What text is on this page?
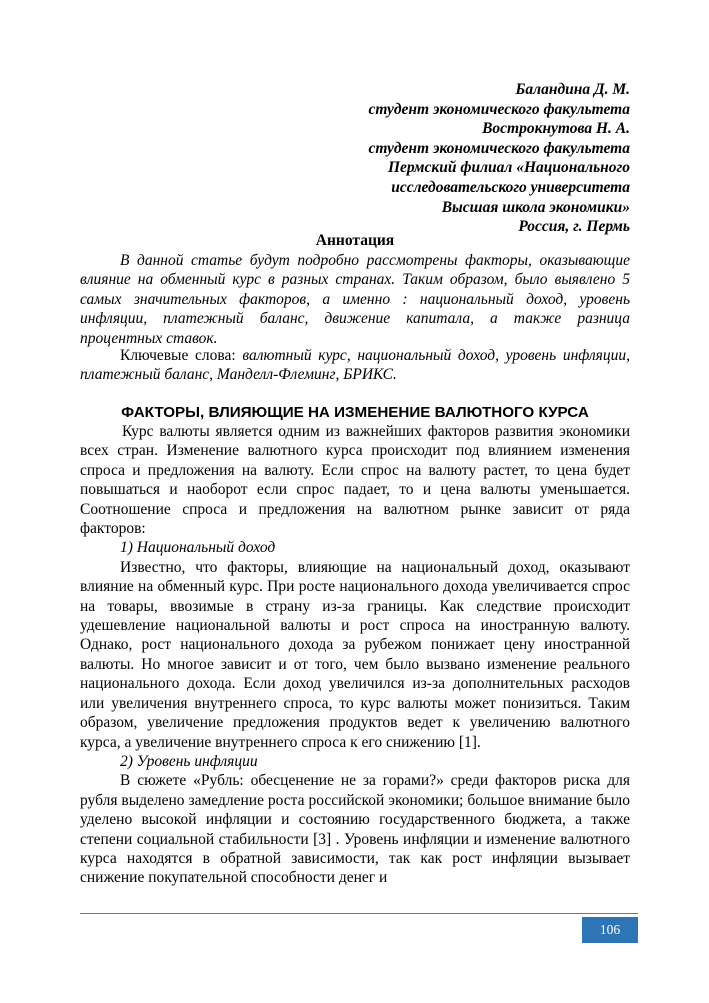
Баландина Д. М.
студент экономического факультета
Вострокнутова Н. А.
студент экономического факультета
Пермский филиал «Национального
исследовательского университета
Высшая школа экономики»
Россия, г. Пермь
Аннотация

В данной статье будут подробно рассмотрены факторы, оказывающие влияние на обменный курс в разных странах. Таким образом, было выявлено 5 самых значительных факторов, а именно : национальный доход, уровень инфляции, платежный баланс, движение капитала, а также разница процентных ставок.

Ключевые слова: валютный курс, национальный доход, уровень инфляции, платежный баланс, Манделл-Флеминг, БРИКС.

ФАКТОРЫ, ВЛИЯЮЩИЕ НА ИЗМЕНЕНИЕ ВАЛЮТНОГО КУРСА

Курс валюты является одним из важнейших факторов развития экономики всех стран. Изменение валютного курса происходит под влиянием изменения спроса и предложения на валюту. Если спрос на валюту растет, то цена будет повышаться и наоборот если спрос падает, то и цена валюты уменьшается. Соотношение спроса и предложения на валютном рынке зависит от ряда факторов:

1) Национальный доход

Известно, что факторы, влияющие на национальный доход, оказывают влияние на обменный курс. При росте национального дохода увеличивается спрос на товары, ввозимые в страну из-за границы. Как следствие происходит удешевление национальной валюты и рост спроса на иностранную валюту. Однако, рост национального дохода за рубежом понижает цену иностранной валюты. Но многое зависит и от того, чем было вызвано изменение реального национального дохода. Если доход увеличился из-за дополнительных расходов или увеличения внутреннего спроса, то курс валюты может понизиться. Таким образом, увеличение предложения продуктов ведет к увеличению валютного курса, а увеличение внутреннего спроса к его снижению [1].

2) Уровень инфляции

В сюжете «Рубль: обесценение не за горами?» среди факторов риска для рубля выделено замедление роста российской экономики; большое внимание было уделено высокой инфляции и состоянию государственного бюджета, а также степени социальной стабильности [3] . Уровень инфляции и изменение валютного курса находятся в обратной зависимости, так как рост инфляции вызывает снижение покупательной способности денег и

106
